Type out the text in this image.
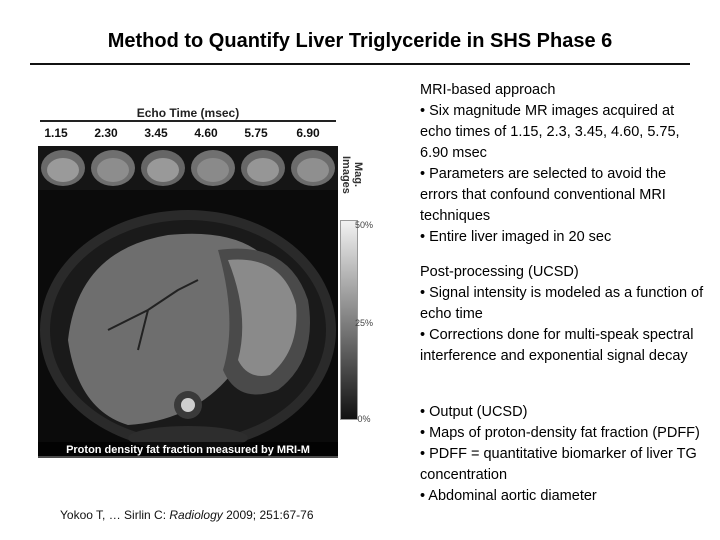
Method to Quantify Liver Triglyceride in SHS Phase 6
Echo Time (msec)
1.15	2.30	3.45	4.60	5.75	6.90
Mag. Images
50%
25%
0%
Proton density fat fraction measured by MRI-M
Yokoo T, … Sirlin C: Radiology 2009; 251:67-76
MRI-based approach
• Six magnitude MR images acquired at echo times of 1.15, 2.3, 3.45, 4.60, 5.75, 6.90 msec
• Parameters are selected to avoid the errors that confound conventional MRI techniques
• Entire liver imaged in 20 sec
Post-processing (UCSD)
• Signal intensity is modeled as a function of echo time
• Corrections done for multi-speak spectral interference and exponential signal decay
• Output (UCSD)
• Maps of proton-density fat fraction (PDFF)
• PDFF = quantitative biomarker of liver TG concentration
• Abdominal aortic diameter
